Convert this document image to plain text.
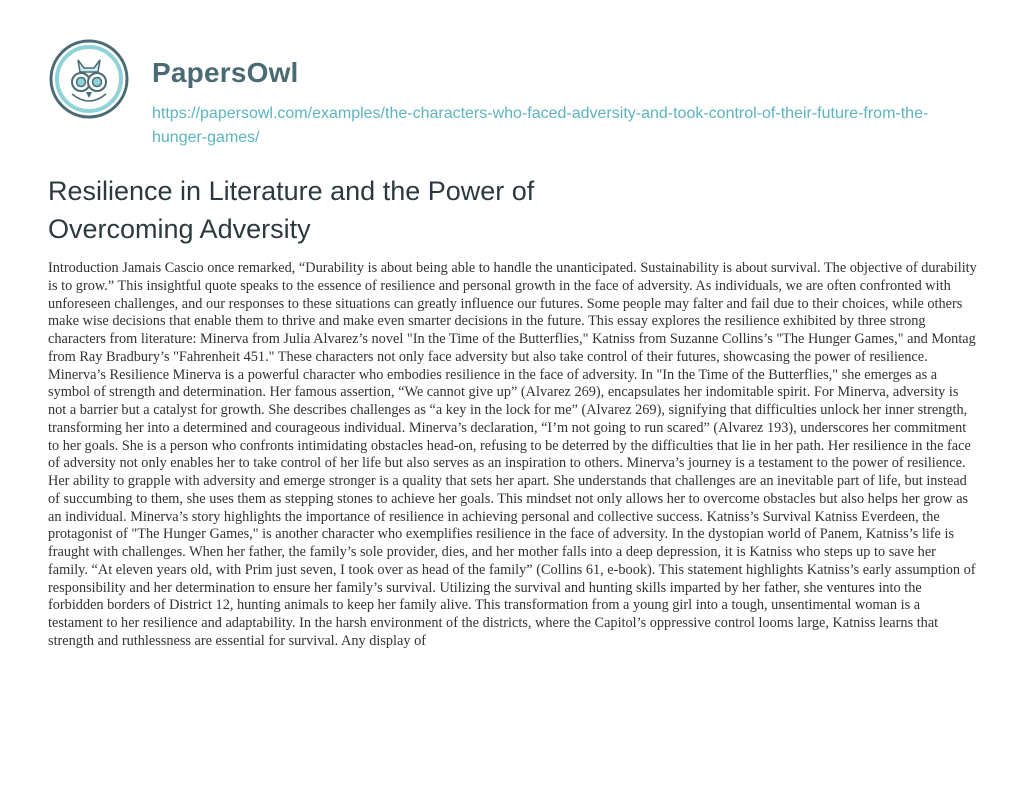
PapersOwl
https://papersowl.com/examples/the-characters-who-faced-adversity-and-took-control-of-their-future-from-the-hunger-games/
Resilience in Literature and the Power of Overcoming Adversity

Introduction Jamais Cascio once remarked, “Durability is about being able to handle the unanticipated. Sustainability is about survival. The objective of durability is to grow.” This insightful quote speaks to the essence of resilience and personal growth in the face of adversity. As individuals, we are often confronted with unforeseen challenges, and our responses to these situations can greatly influence our futures. Some people may falter and fail due to their choices, while others make wise decisions that enable them to thrive and make even smarter decisions in the future. This essay explores the resilience exhibited by three strong characters from literature: Minerva from Julia Alvarez’s novel "In the Time of the Butterflies," Katniss from Suzanne Collins’s "The Hunger Games," and Montag from Ray Bradbury’s "Fahrenheit 451." These characters not only face adversity but also take control of their futures, showcasing the power of resilience. Minerva’s Resilience Minerva is a powerful character who embodies resilience in the face of adversity. In "In the Time of the Butterflies," she emerges as a symbol of strength and determination. Her famous assertion, “We cannot give up” (Alvarez 269), encapsulates her indomitable spirit. For Minerva, adversity is not a barrier but a catalyst for growth. She describes challenges as “a key in the lock for me” (Alvarez 269), signifying that difficulties unlock her inner strength, transforming her into a determined and courageous individual. Minerva’s declaration, “I’m not going to run scared” (Alvarez 193), underscores her commitment to her goals. She is a person who confronts intimidating obstacles head-on, refusing to be deterred by the difficulties that lie in her path. Her resilience in the face of adversity not only enables her to take control of her life but also serves as an inspiration to others. Minerva’s journey is a testament to the power of resilience. Her ability to grapple with adversity and emerge stronger is a quality that sets her apart. She understands that challenges are an inevitable part of life, but instead of succumbing to them, she uses them as stepping stones to achieve her goals. This mindset not only allows her to overcome obstacles but also helps her grow as an individual. Minerva’s story highlights the importance of resilience in achieving personal and collective success. Katniss’s Survival Katniss Everdeen, the protagonist of "The Hunger Games," is another character who exemplifies resilience in the face of adversity. In the dystopian world of Panem, Katniss’s life is fraught with challenges. When her father, the family’s sole provider, dies, and her mother falls into a deep depression, it is Katniss who steps up to save her family. “At eleven years old, with Prim just seven, I took over as head of the family” (Collins 61, e-book). This statement highlights Katniss’s early assumption of responsibility and her determination to ensure her family’s survival. Utilizing the survival and hunting skills imparted by her father, she ventures into the forbidden borders of District 12, hunting animals to keep her family alive. This transformation from a young girl into a tough, unsentimental woman is a testament to her resilience and adaptability. In the harsh environment of the districts, where the Capitol’s oppressive control looms large, Katniss learns that strength and ruthlessness are essential for survival. Any display of
